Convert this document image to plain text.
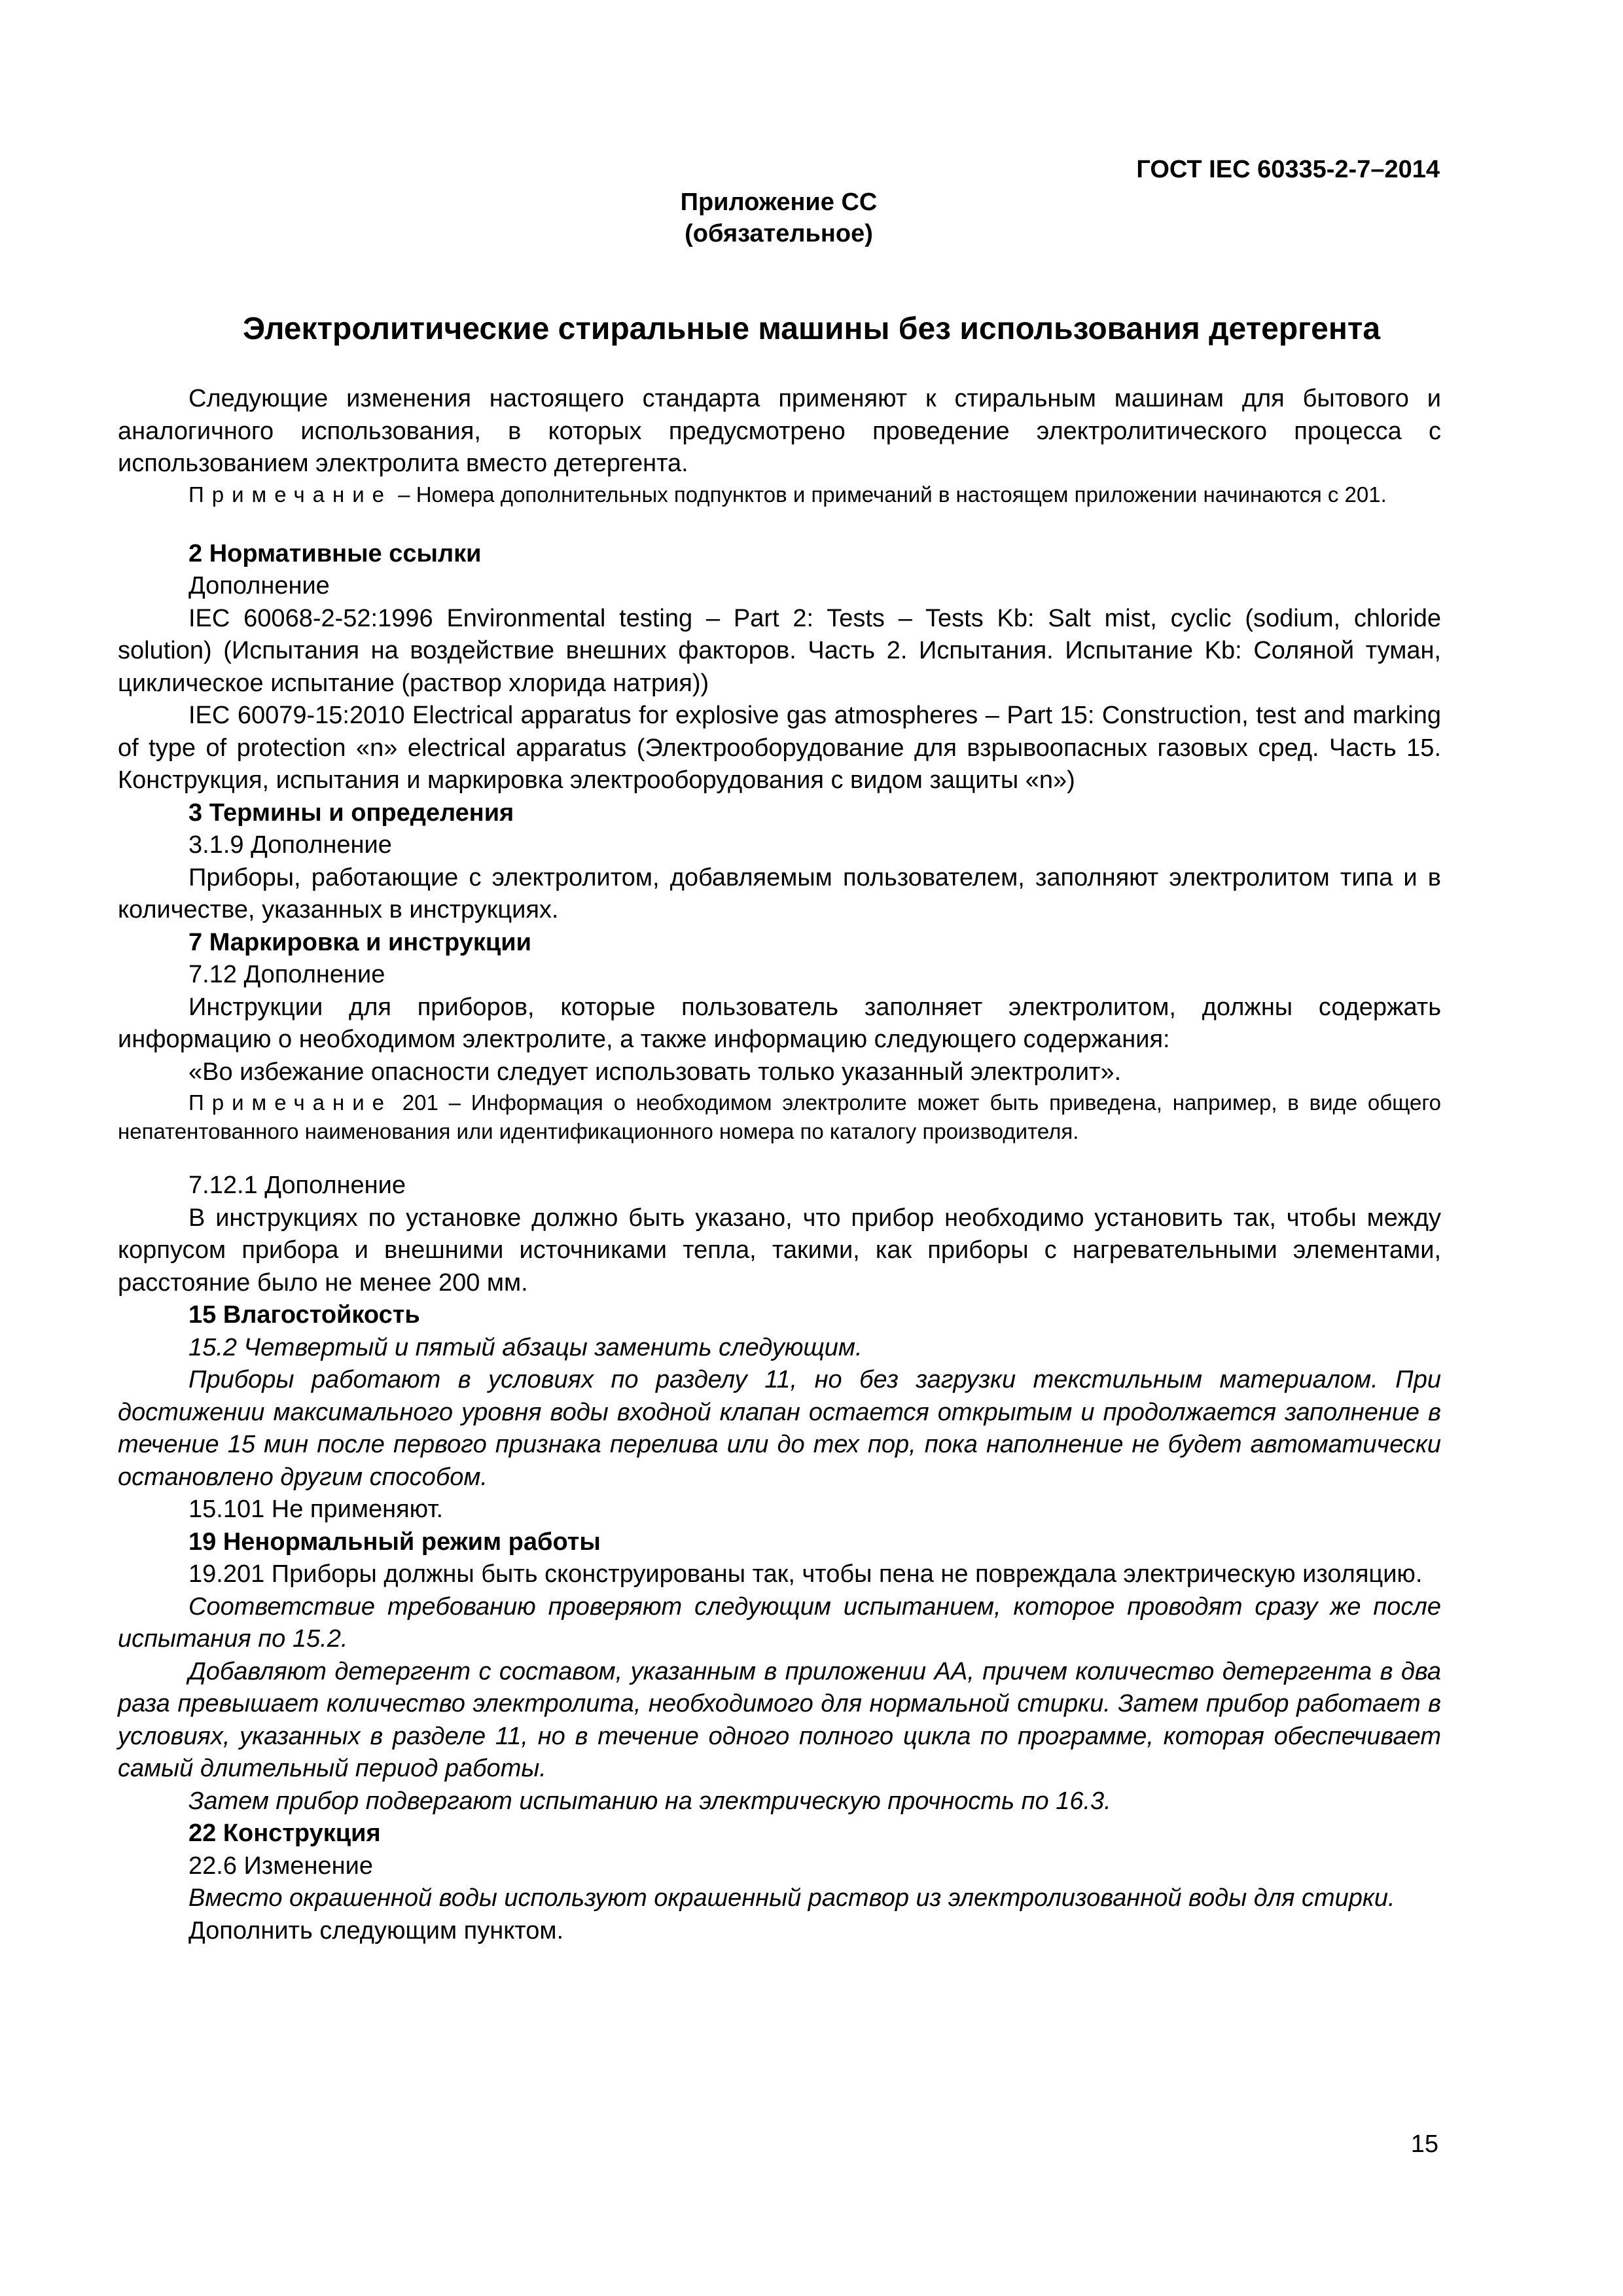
ГОСТ IEC 60335-2-7–2014
Приложение СС
(обязательное)
Электролитические стиральные машины без использования детергента

Следующие изменения настоящего стандарта применяют к стиральным машинам для бытового и аналогичного использования, в которых предусмотрено проведение электролитического процесса с использованием электролита вместо детергента.

Примечание – Номера дополнительных подпунктов и примечаний в настоящем приложении начинаются с 201.

2 Нормативные ссылки

Дополнение

IEC 60068-2-52:1996 Environmental testing – Part 2: Tests – Tests Kb: Salt mist, cyclic (sodium, chloride solution) (Испытания на воздействие внешних факторов. Часть 2. Испытания. Испытание Kb: Соляной туман, циклическое испытание (раствор хлорида натрия))

IEC 60079-15:2010 Electrical apparatus for explosive gas atmospheres – Part 15: Construction, test and marking of type of protection «n» electrical apparatus (Электрооборудование для взрывоопасных газовых сред. Часть 15. Конструкция, испытания и маркировка электрооборудования с видом защиты «n»)

3 Термины и определения

3.1.9 Дополнение

Приборы, работающие с электролитом, добавляемым пользователем, заполняют электролитом типа и в количестве, указанных в инструкциях.

7 Маркировка и инструкции

7.12 Дополнение

Инструкции для приборов, которые пользователь заполняет электролитом, должны содержать информацию о необходимом электролите, а также информацию следующего содержания:

«Во избежание опасности следует использовать только указанный электролит».

Примечание 201 – Информация о необходимом электролите может быть приведена, например, в виде общего непатентованного наименования или идентификационного номера по каталогу производителя.

7.12.1 Дополнение

В инструкциях по установке должно быть указано, что прибор необходимо установить так, чтобы между корпусом прибора и внешними источниками тепла, такими, как приборы с нагревательными элементами, расстояние было не менее 200 мм.

15 Влагостойкость

15.2 Четвертый и пятый абзацы заменить следующим.

Приборы работают в условиях по разделу 11, но без загрузки текстильным материалом. При достижении максимального уровня воды входной клапан остается открытым и продолжается заполнение в течение 15 мин после первого признака перелива или до тех пор, пока наполнение не будет автоматически остановлено другим способом.

15.101 Не применяют.

19 Ненормальный режим работы

19.201 Приборы должны быть сконструированы так, чтобы пена не повреждала электрическую изоляцию.

Соответствие требованию проверяют следующим испытанием, которое проводят сразу же после испытания по 15.2.

Добавляют детергент с составом, указанным в приложении АА, причем количество детергента в два раза превышает количество электролита, необходимого для нормальной стирки. Затем прибор работает в условиях, указанных в разделе 11, но в течение одного полного цикла по программе, которая обеспечивает самый длительный период работы.

Затем прибор подвергают испытанию на электрическую прочность по 16.3.

22 Конструкция

22.6 Изменение

Вместо окрашенной воды используют окрашенный раствор из электролизованной воды для стирки.

Дополнить следующим пунктом.

15
